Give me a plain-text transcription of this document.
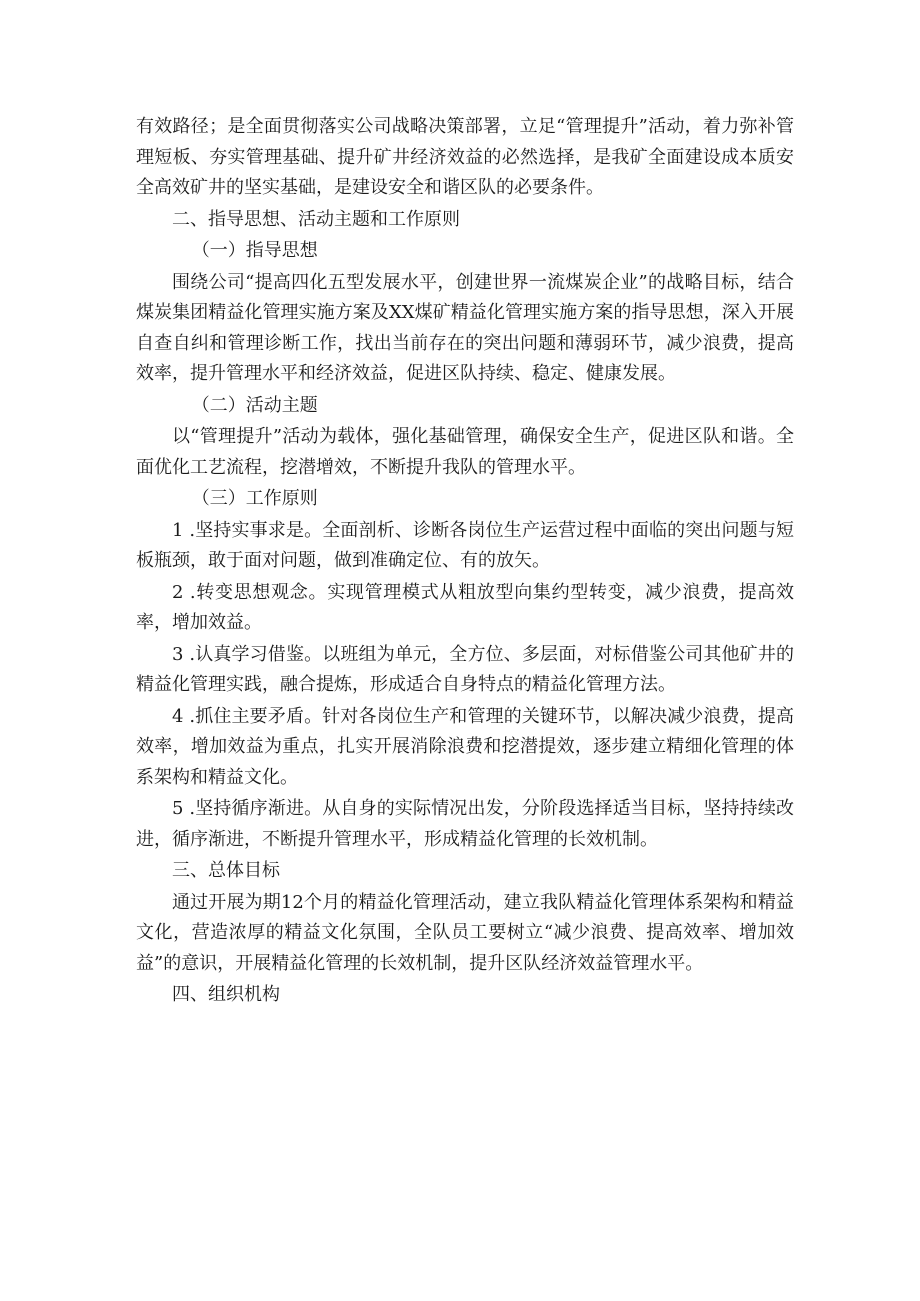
有效路径；是全面贯彻落实公司战略决策部署，立足“管理提升”活动，着力弥补管理短板、夯实管理基础、提升矿井经济效益的必然选择，是我矿全面建设成本质安全高效矿井的坚实基础，是建设安全和谐区队的必要条件。

二、指导思想、活动主题和工作原则

（一）指导思想

围绕公司“提高四化五型发展水平，创建世界一流煤炭企业”的战略目标，结合煤炭集团精益化管理实施方案及XX煤矿精益化管理实施方案的指导思想，深入开展自查自纠和管理诊断工作，找出当前存在的突出问题和薄弱环节，减少浪费，提高效率，提升管理水平和经济效益，促进区队持续、稳定、健康发展。

（二）活动主题

以“管理提升”活动为载体，强化基础管理，确保安全生产，促进区队和谐。全面优化工艺流程，挖潜增效，不断提升我队的管理水平。

（三）工作原则

1 .坚持实事求是。全面剖析、诊断各岗位生产运营过程中面临的突出问题与短板瓶颈，敢于面对问题，做到准确定位、有的放矢。

2 .转变思想观念。实现管理模式从粗放型向集约型转变，减少浪费，提高效率，增加效益。

3 .认真学习借鉴。以班组为单元，全方位、多层面，对标借鉴公司其他矿井的精益化管理实践，融合提炼，形成适合自身特点的精益化管理方法。

4 .抓住主要矛盾。针对各岗位生产和管理的关键环节，以解决减少浪费，提高效率，增加效益为重点，扎实开展消除浪费和挖潜提效，逐步建立精细化管理的体系架构和精益文化。

5 .坚持循序渐进。从自身的实际情况出发，分阶段选择适当目标，坚持持续改进，循序渐进，不断提升管理水平，形成精益化管理的长效机制。

三、总体目标

通过开展为期12个月的精益化管理活动，建立我队精益化管理体系架构和精益文化，营造浓厚的精益文化氛围，全队员工要树立“减少浪费、提高效率、增加效益”的意识，开展精益化管理的长效机制，提升区队经济效益管理水平。

四、组织机构
